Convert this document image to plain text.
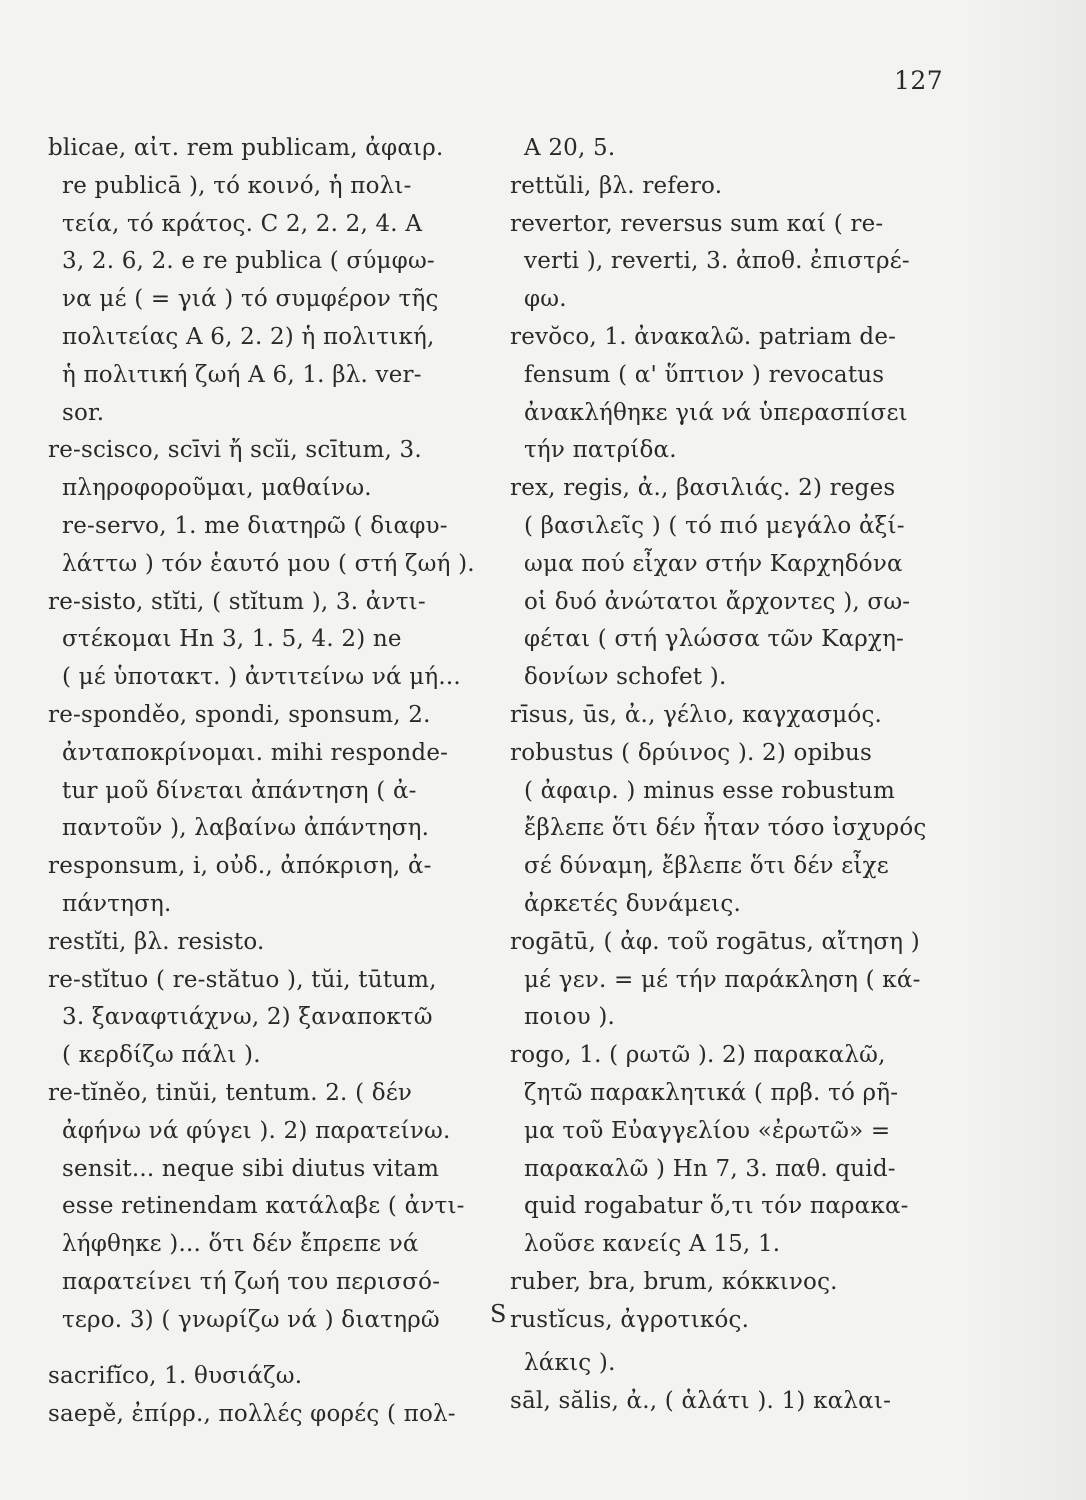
127
blicae, αἰτ. rem publicam, ἀφαιρ.
re publicā ), τό κοινό, ἡ πολι-
τεία, τό κράτος. C 2, 2. 2, 4. A
3, 2. 6, 2. e re publica ( σύμφω-
να μέ ( = γιά ) τό συμφέρον τῆς
πολιτείας A 6, 2. 2) ἡ πολιτική,
ἡ πολιτική ζωή A 6, 1. βλ. ver-
sor.
re-scisco, scīvi ἤ scĭi, scītum, 3.
πληροφοροῦμαι, μαθαίνω.
re-servo, 1. me διατηρῶ ( διαφυ-
λάττω ) τόν ἑαυτό μου ( στή ζωή ).
re-sisto, stĭti, ( stĭtum ), 3. ἀντι-
στέκομαι Hn 3, 1. 5, 4. 2) ne
( μέ ὑποτακτ. ) ἀντιτείνω νά μή...
re-sponděo, spondi, sponsum, 2.
ἀνταποκρίνομαι. mihi responde-
tur μοῦ δίνεται ἀπάντηση ( ἀ-
παντοῦν ), λαβαίνω ἀπάντηση.
responsum, i, οὐδ., ἀπόκριση, ἀ-
πάντηση.
restĭti, βλ. resisto.
re-stĭtuo ( re-stătuo ), tŭi, tūtum,
3. ξαναφτιάχνω, 2) ξαναποκτῶ
( κερδίζω πάλι ).
re-tĭněo, tinŭi, tentum. 2. ( δέν
ἀφήνω νά φύγει ). 2) παρατείνω.
sensit... neque sibi diutus vitam
esse retinendam κατάλαβε ( ἀντι-
λήφθηκε )... ὅτι δέν ἔπρεπε νά
παρατείνει τή ζωή του περισσό-
τερο. 3) ( γνωρίζω νά ) διατηρῶ
A 20, 5.
rettŭli, βλ. refero.
revertor, reversus sum καί ( re-
verti ), reverti, 3. ἀποθ. ἐπιστρέ-
φω.
revŏco, 1. ἀνακαλῶ. patriam de-
fensum ( α' ὕπτιον ) revocatus
ἀνακλήθηκε γιά νά ὑπερασπίσει
τήν πατρίδα.
rex, regis, ἀ., βασιλιάς. 2) reges
( βασιλεῖς ) ( τό πιό μεγάλο ἀξί-
ωμα πού εἶχαν στήν Καρχηδόνα
οἱ δυό ἀνώτατοι ἄρχοντες ), σω-
φέται ( στή γλώσσα τῶν Καρχη-
δονίων schofet ).
rīsus, ūs, ἀ., γέλιο, καγχασμός.
robustus ( δρύινος ). 2) opibus
( ἀφαιρ. ) minus esse robustum
ἔβλεπε ὅτι δέν ἦταν τόσο ἰσχυρός
σέ δύναμη, ἔβλεπε ὅτι δέν εἶχε
ἀρκετές δυνάμεις.
rogātū, ( ἀφ. τοῦ rogātus, αἴτηση )
μέ γεν. = μέ τήν παράκληση ( κά-
ποιου ).
rogo, 1. ( ρωτῶ ). 2) παρακαλῶ,
ζητῶ παρακλητικά ( πρβ. τό ρῆ-
μα τοῦ Εὐαγγελίου «ἐρωτῶ» =
παρακαλῶ ) Hn 7, 3. παθ. quid-
quid rogabatur ὅ,τι τόν παρακα-
λοῦσε κανείς A 15, 1.
ruber, bra, brum, κόκκινος.
rustĭcus, ἀγροτικός.
S
sacrifĭco, 1. θυσιάζω.
saepě, ἐπίρρ., πολλές φορές ( πολ-
λάκις ).
sāl, sălis, ἀ., ( ἁλάτι ). 1) καλαι-
